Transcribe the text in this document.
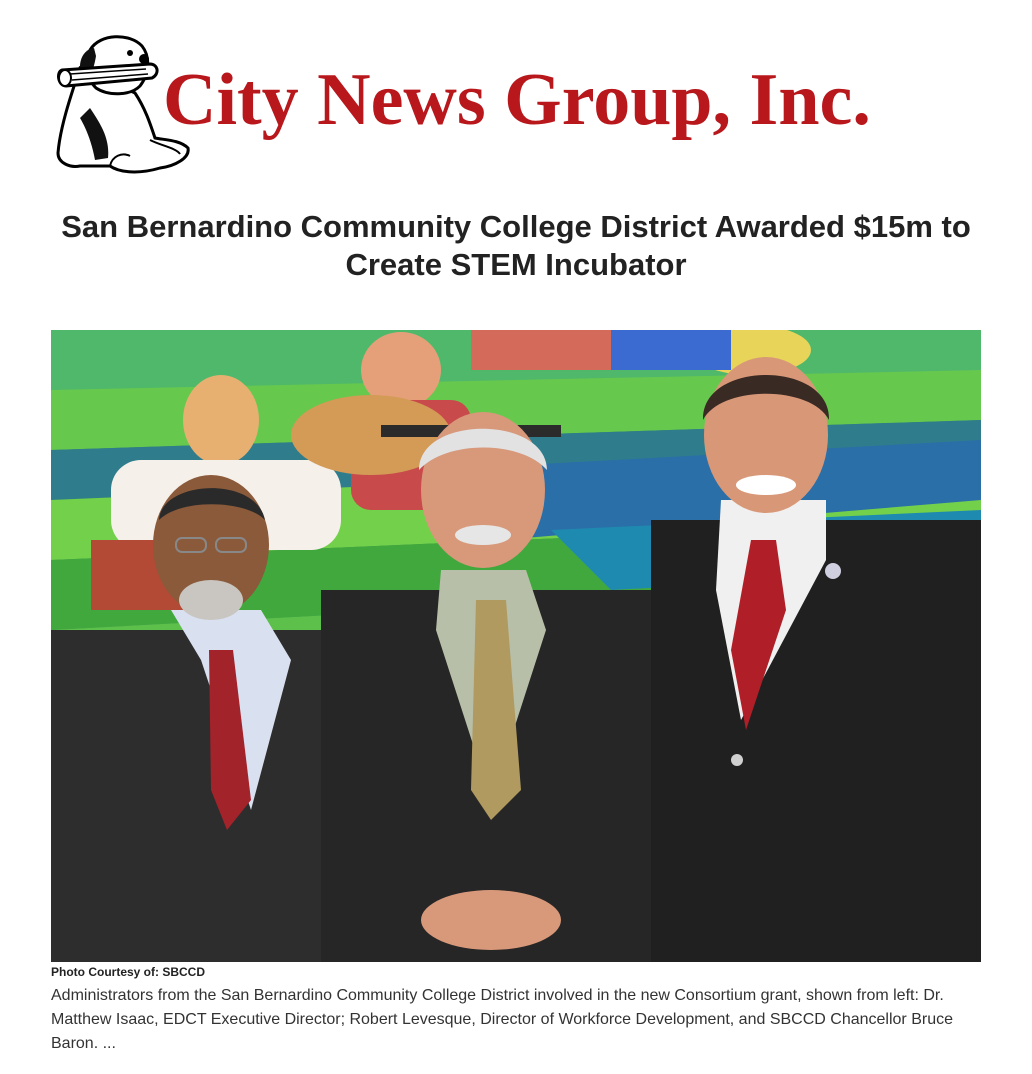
City News Group, Inc.
San Bernardino Community College District Awarded $15m to Create STEM Incubator
Photo Courtesy of: SBCCD
Administrators from the San Bernardino Community College District involved in the new Consortium grant, shown from left: Dr. Matthew Isaac, EDCT Executive Director; Robert Levesque, Director of Workforce Development, and SBCCD Chancellor Bruce Baron. ...
